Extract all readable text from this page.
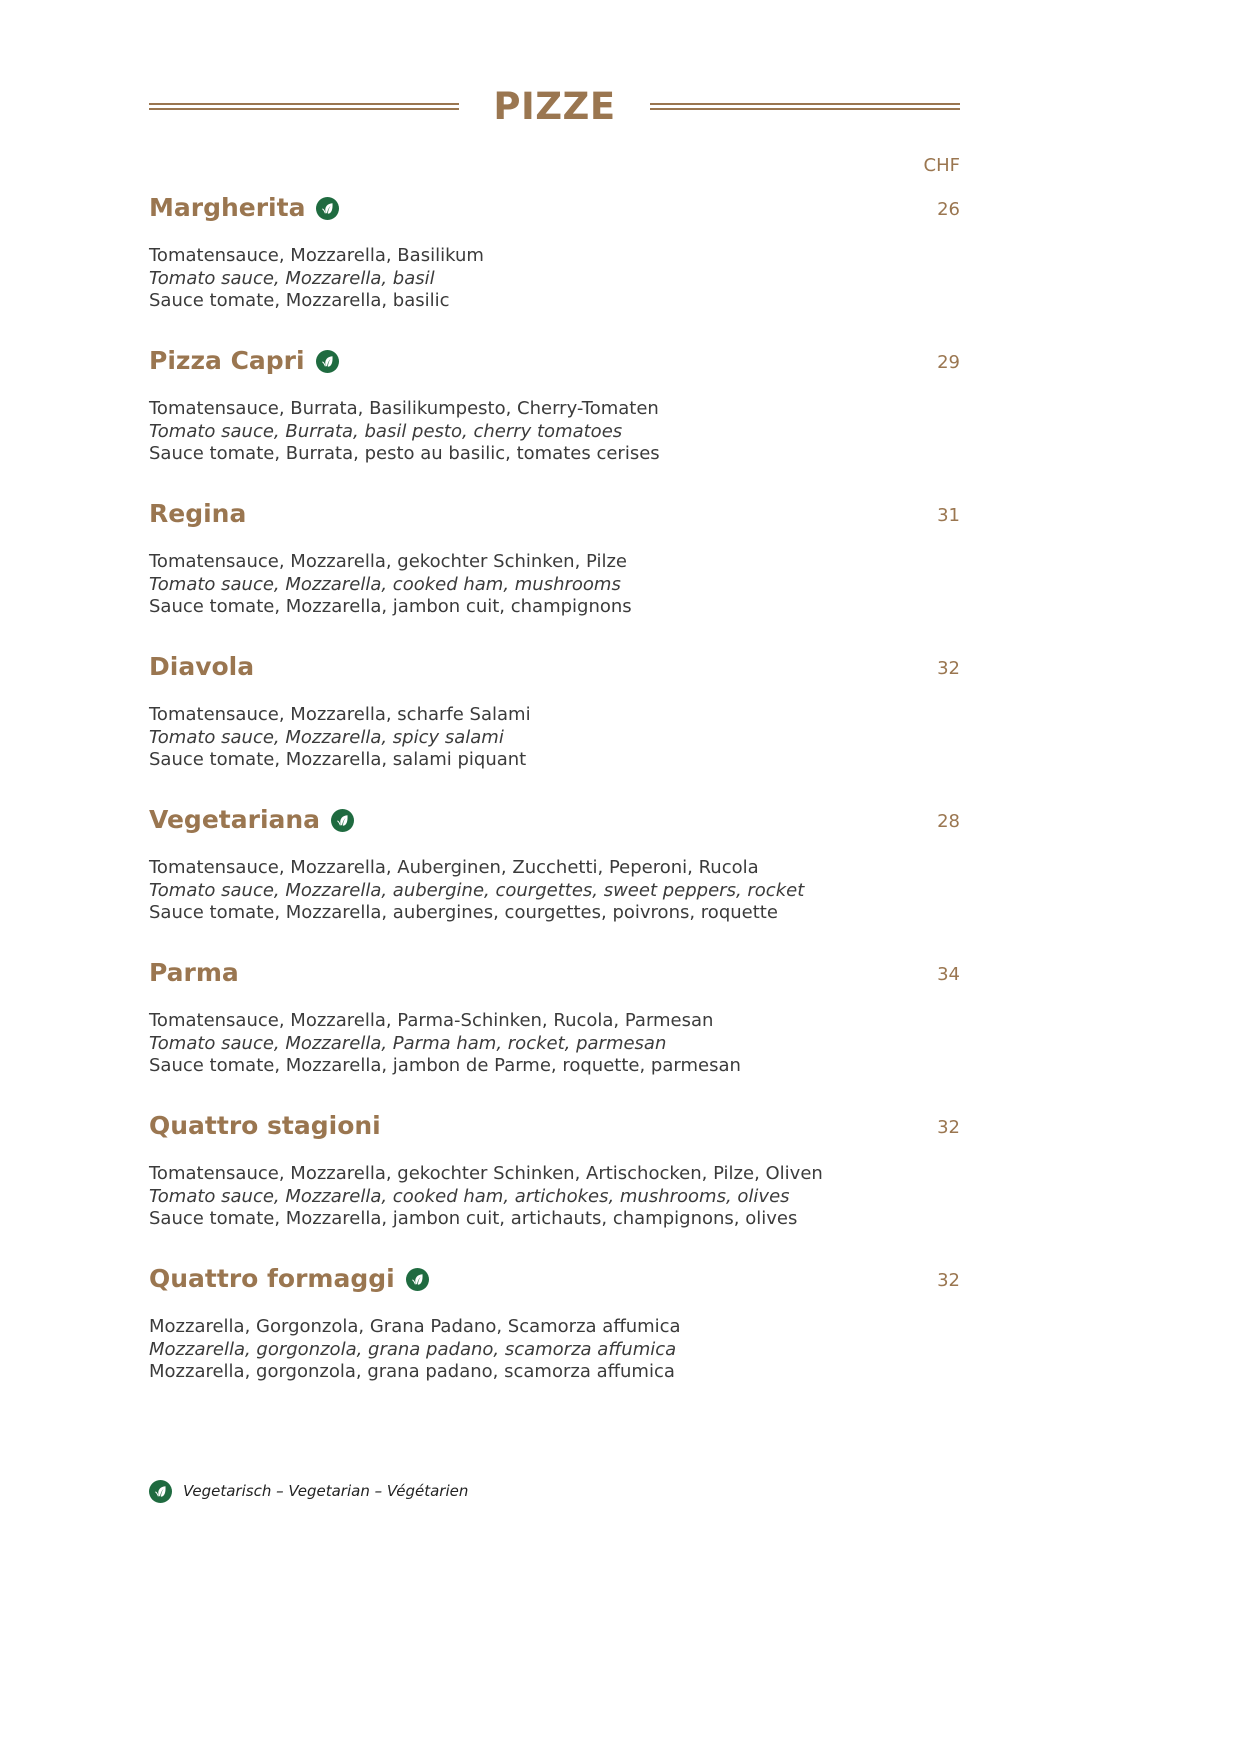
PIZZE
CHF
Margherita	26
Tomatensauce, Mozzarella, Basilikum
Tomato sauce, Mozzarella, basil
Sauce tomate, Mozzarella, basilic
Pizza Capri	29
Tomatensauce, Burrata, Basilikumpesto, Cherry-Tomaten
Tomato sauce, Burrata, basil pesto, cherry tomatoes
Sauce tomate, Burrata, pesto au basilic, tomates cerises
Regina	31
Tomatensauce, Mozzarella, gekochter Schinken, Pilze
Tomato sauce, Mozzarella, cooked ham, mushrooms
Sauce tomate, Mozzarella, jambon cuit, champignons
Diavola	32
Tomatensauce, Mozzarella, scharfe Salami
Tomato sauce, Mozzarella, spicy salami
Sauce tomate, Mozzarella, salami piquant
Vegetariana	28
Tomatensauce, Mozzarella, Auberginen, Zucchetti, Peperoni, Rucola
Tomato sauce, Mozzarella, aubergine, courgettes, sweet peppers, rocket
Sauce tomate, Mozzarella, aubergines, courgettes, poivrons, roquette
Parma	34
Tomatensauce, Mozzarella, Parma-Schinken, Rucola, Parmesan
Tomato sauce, Mozzarella, Parma ham, rocket, parmesan
Sauce tomate, Mozzarella, jambon de Parme, roquette, parmesan
Quattro stagioni	32
Tomatensauce, Mozzarella, gekochter Schinken, Artischocken, Pilze, Oliven
Tomato sauce, Mozzarella, cooked ham, artichokes, mushrooms, olives
Sauce tomate, Mozzarella, jambon cuit, artichauts, champignons, olives
Quattro formaggi	32
Mozzarella, Gorgonzola, Grana Padano, Scamorza affumica
Mozzarella, gorgonzola, grana padano, scamorza affumica
Mozzarella, gorgonzola, grana padano, scamorza affumica
Vegetarisch – Vegetarian – Végétarien
